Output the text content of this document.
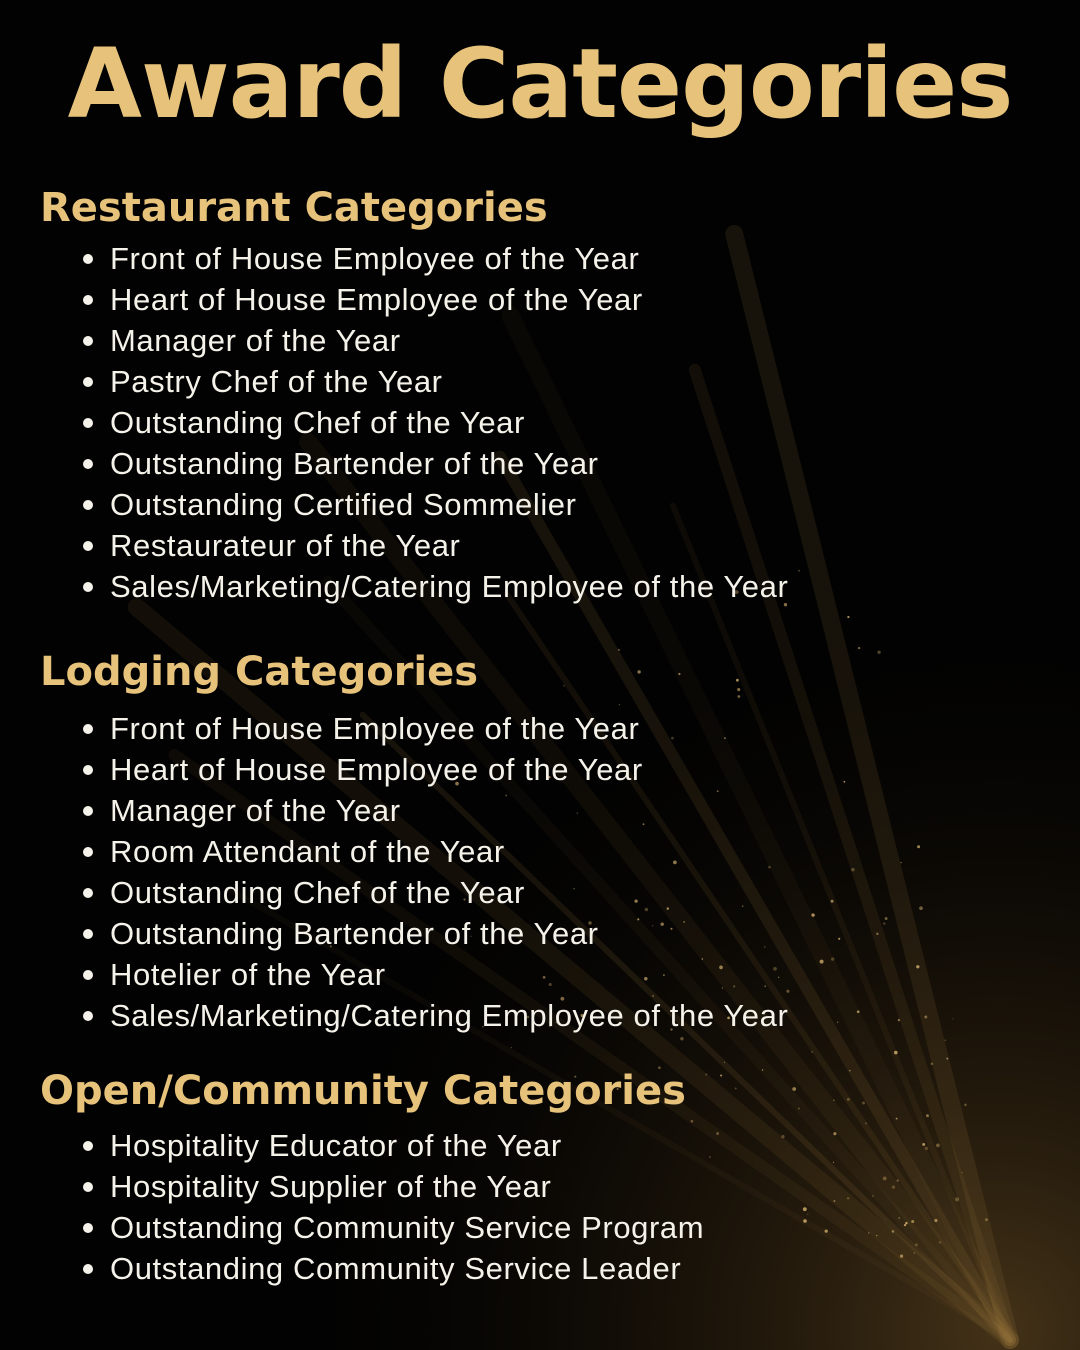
Award Categories
Restaurant Categories
Front of House Employee of the Year
Heart of House Employee of the Year
Manager of the Year
Pastry Chef of the Year
Outstanding Chef of the Year
Outstanding Bartender of the Year
Outstanding Certified Sommelier
Restaurateur of the Year
Sales/Marketing/Catering Employee of the Year
Lodging Categories
Front of House Employee of the Year
Heart of House Employee of the Year
Manager of the Year
Room Attendant of the Year
Outstanding Chef of the Year
Outstanding Bartender of the Year
Hotelier of the Year
Sales/Marketing/Catering Employee of the Year
Open/Community Categories
Hospitality Educator of the Year
Hospitality Supplier of the Year
Outstanding Community Service Program
Outstanding Community Service Leader
